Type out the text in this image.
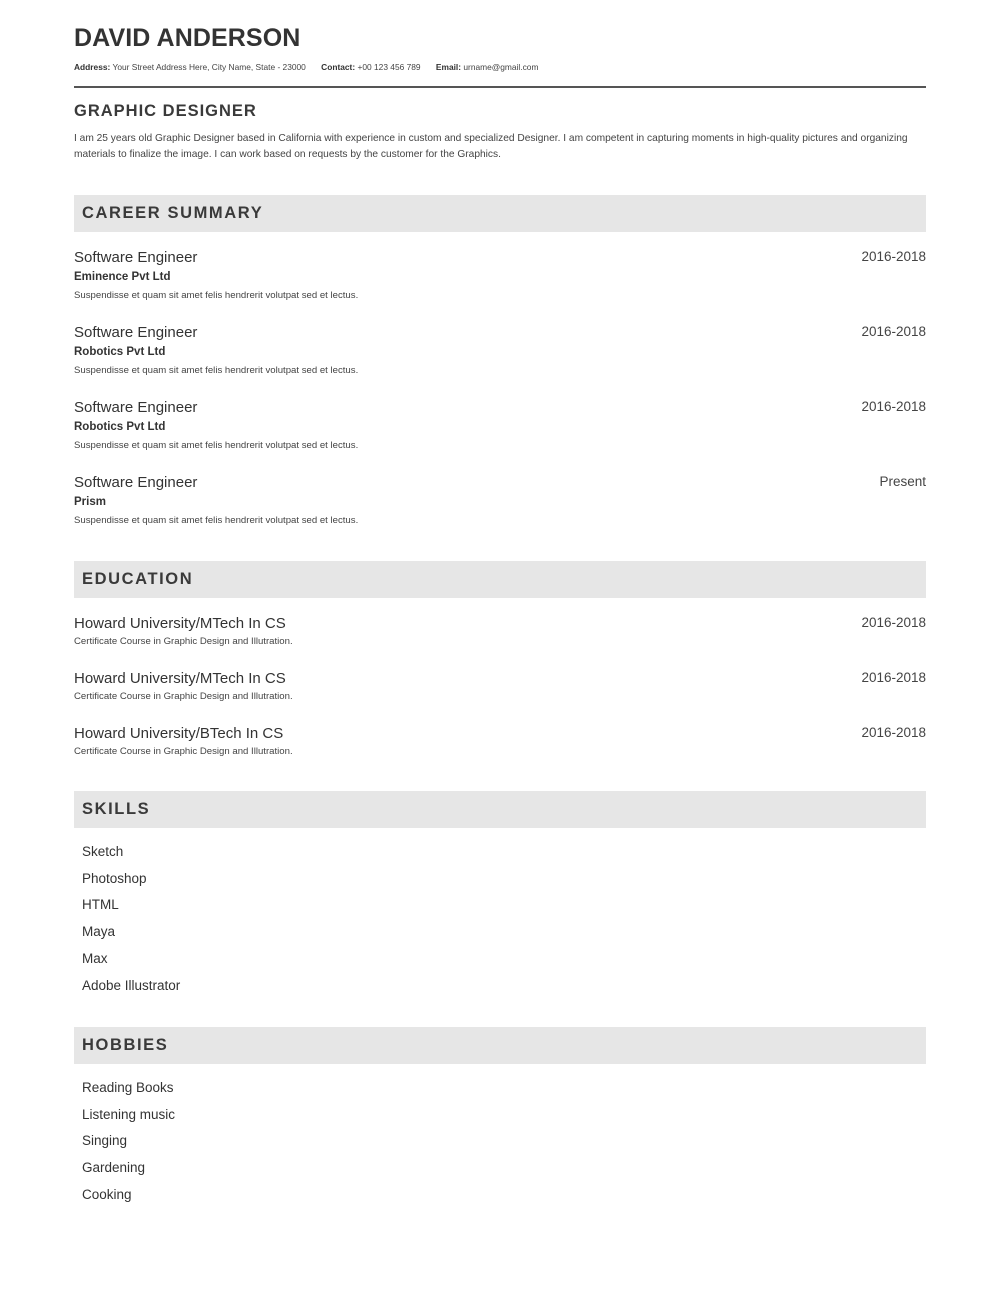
DAVID ANDERSON
Address: Your Street Address Here, City Name, State - 23000 Contact: +00 123 456 789 Email: urname@gmail.com
GRAPHIC DESIGNER

I am 25 years old Graphic Designer based in California with experience in custom and specialized Designer. I am competent in capturing moments in high-quality pictures and organizing materials to finalize the image. I can work based on requests by the customer for the Graphics.

CAREER SUMMARY
Software Engineer	2016-2018
Eminence Pvt Ltd
Suspendisse et quam sit amet felis hendrerit volutpat sed et lectus.
Software Engineer	2016-2018
Robotics Pvt Ltd
Suspendisse et quam sit amet felis hendrerit volutpat sed et lectus.
Software Engineer	2016-2018
Robotics Pvt Ltd
Suspendisse et quam sit amet felis hendrerit volutpat sed et lectus.
Software Engineer	Present
Prism
Suspendisse et quam sit amet felis hendrerit volutpat sed et lectus.
EDUCATION
Howard University/MTech In CS	2016-2018
Certificate Course in Graphic Design and Illutration.
Howard University/MTech In CS	2016-2018
Certificate Course in Graphic Design and Illutration.
Howard University/BTech In CS	2016-2018
Certificate Course in Graphic Design and Illutration.
SKILLS
Sketch
Photoshop
HTML
Maya
Max
Adobe Illustrator
HOBBIES
Reading Books
Listening music
Singing
Gardening
Cooking
